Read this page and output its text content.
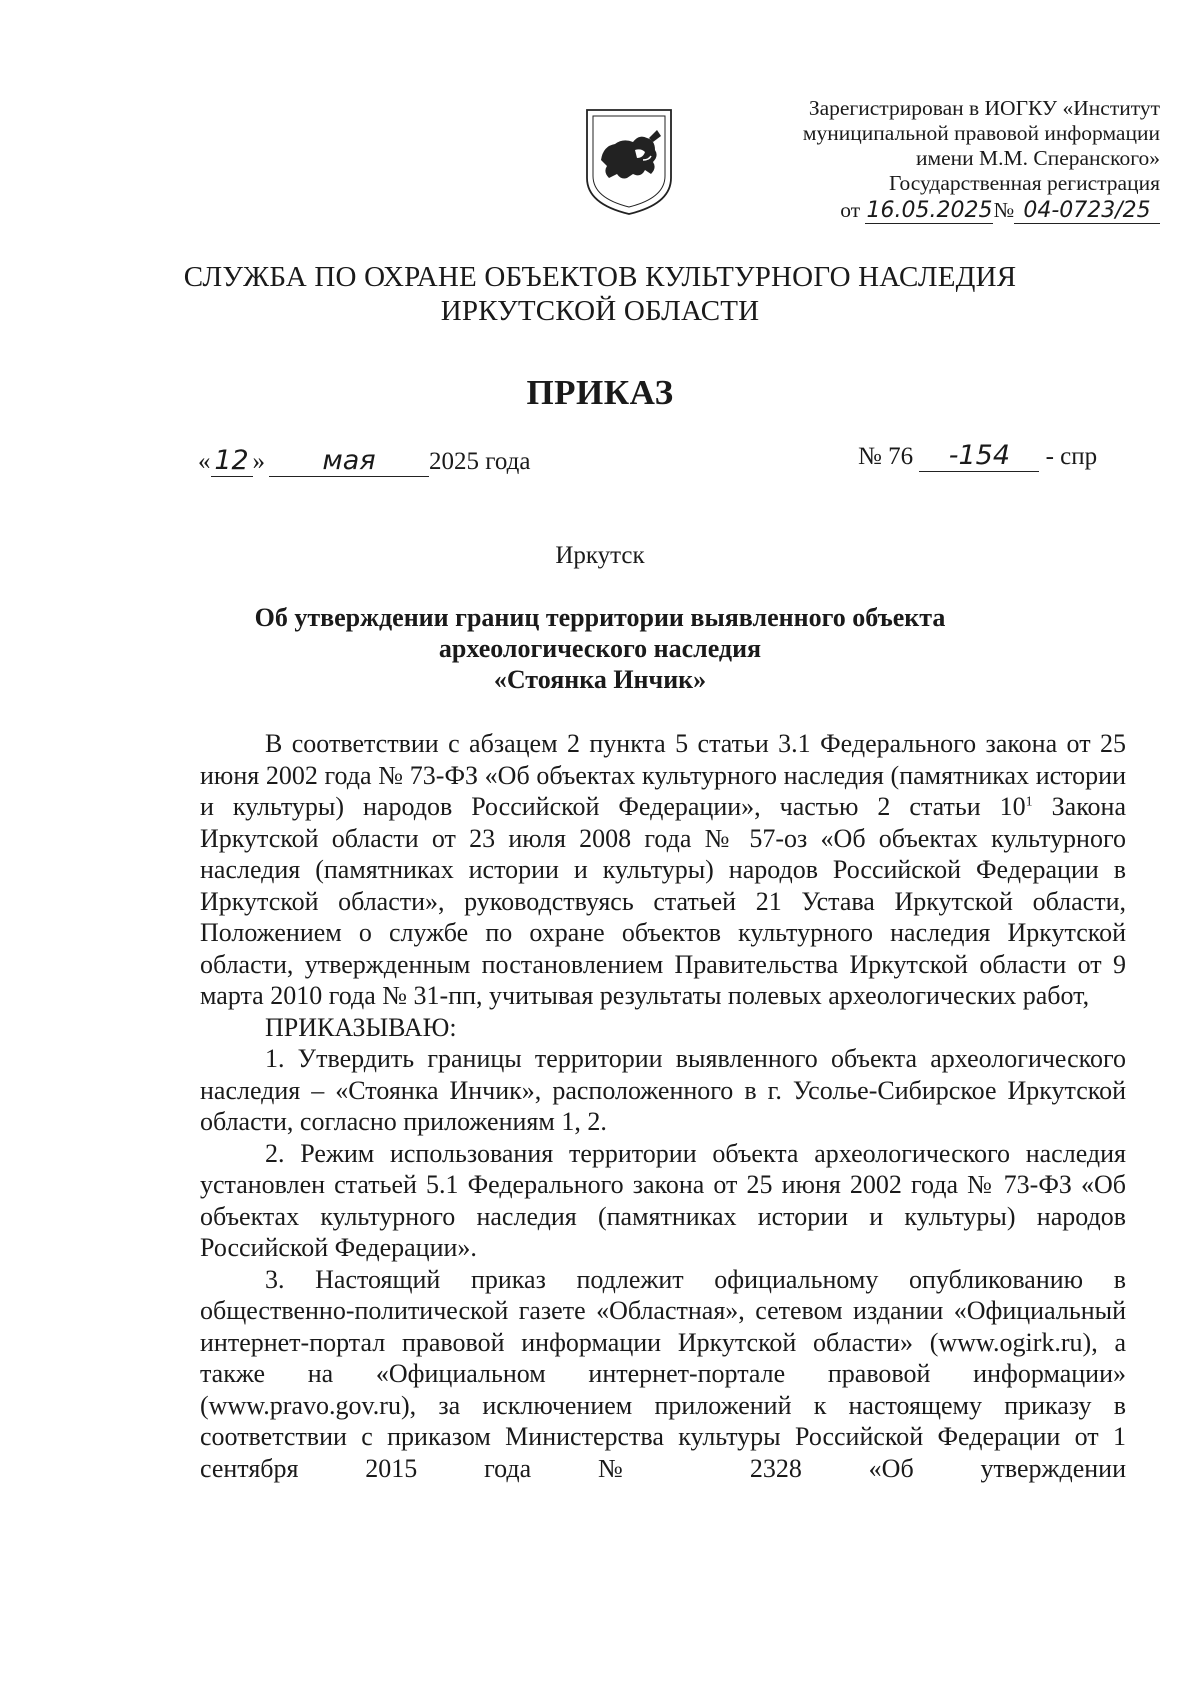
Зарегистрирован в ИОГКУ «Институт
муниципальной правовой информации
имени М.М. Сперанского»
Государственная регистрация
от 16.05.2025№ 04-0723/25
СЛУЖБА ПО ОХРАНЕ ОБЪЕКТОВ КУЛЬТУРНОГО НАСЛЕДИЯ
ИРКУТСКОЙ ОБЛАСТИ
ПРИКАЗ
« 12 » мая 2025 года	№ 76 -154 - спр
Иркутск
Об утверждении границ территории выявленного объекта
археологического наследия
«Стоянка Инчик»

В соответствии с абзацем 2 пункта 5 статьи 3.1 Федерального закона от 25 июня 2002 года № 73-ФЗ «Об объектах культурного наследия (памятниках истории и культуры) народов Российской Федерации», частью 2 статьи $10^1$ Закона Иркутской области от 23 июля 2008 года № 57-оз «Об объектах культурного наследия (памятниках истории и культуры) народов Российской Федерации в Иркутской области», руководствуясь статьей 21 Устава Иркутской области, Положением о службе по охране объектов культурного наследия Иркутской области, утвержденным постановлением Правительства Иркутской области от 9 марта 2010 года № 31-пп, учитывая результаты полевых археологических работ,

ПРИКАЗЫВАЮ:

1. Утвердить границы территории выявленного объекта археологического наследия – «Стоянка Инчик», расположенного в г. Усолье-Сибирское Иркутской области, согласно приложениям 1, 2.

2. Режим использования территории объекта археологического наследия установлен статьей 5.1 Федерального закона от 25 июня 2002 года № 73-ФЗ «Об объектах культурного наследия (памятниках истории и культуры) народов Российской Федерации».

3. Настоящий приказ подлежит официальному опубликованию в общественно-политической газете «Областная», сетевом издании «Официальный интернет-портал правовой информации Иркутской области» (www.ogirk.ru), а также на «Официальном интернет-портале правовой информации» (www.pravo.gov.ru), за исключением приложений к настоящему приказу в соответствии с приказом Министерства культуры Российской Федерации от 1 сентября 2015 года № 2328 «Об утверждении
